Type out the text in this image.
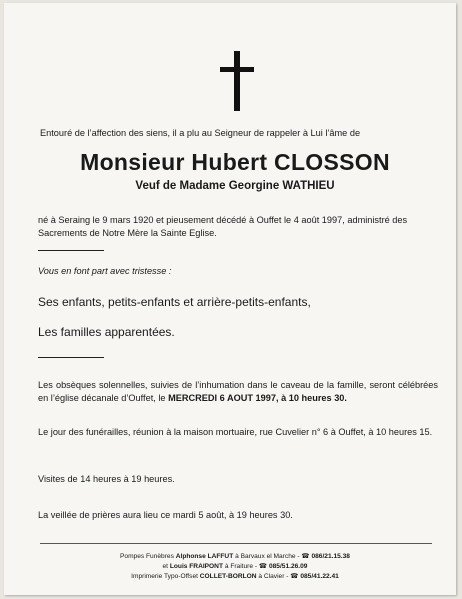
Entouré de l’affection des siens, il a plu au Seigneur de rappeler à Lui l’âme de
Monsieur Hubert CLOSSON
Veuf de Madame Georgine WATHIEU
né à Seraing le 9 mars 1920 et pieusement décédé à Ouffet le 4 août 1997, administré des Sacrements de Notre Mère la Sainte Eglise.
Vous en font part avec tristesse :
Ses enfants, petits-enfants et arrière-petits-enfants,
Les familles apparentées.
Les obsèques solennelles, suivies de l’inhumation dans le caveau de la famille, seront célébrées en l’église décanale d’Ouffet, le MERCREDI 6 AOUT 1997, à 10 heures 30.
Le jour des funérailles, réunion à la maison mortuaire, rue Cuvelier n° 6 à Ouffet, à 10 heures 15.
Visites de 14 heures à 19 heures.
La veillée de prières aura lieu ce mardi 5 août, à 19 heures 30.
Pompes Funèbres Alphonse LAFFUT à Barvaux el Marche - ☎ 086/21.15.38
et Louis FRAIPONT à Fraiture - ☎ 085/51.26.09
Imprimerie Typo-Offset COLLET-BORLON à Clavier - ☎ 085/41.22.41
